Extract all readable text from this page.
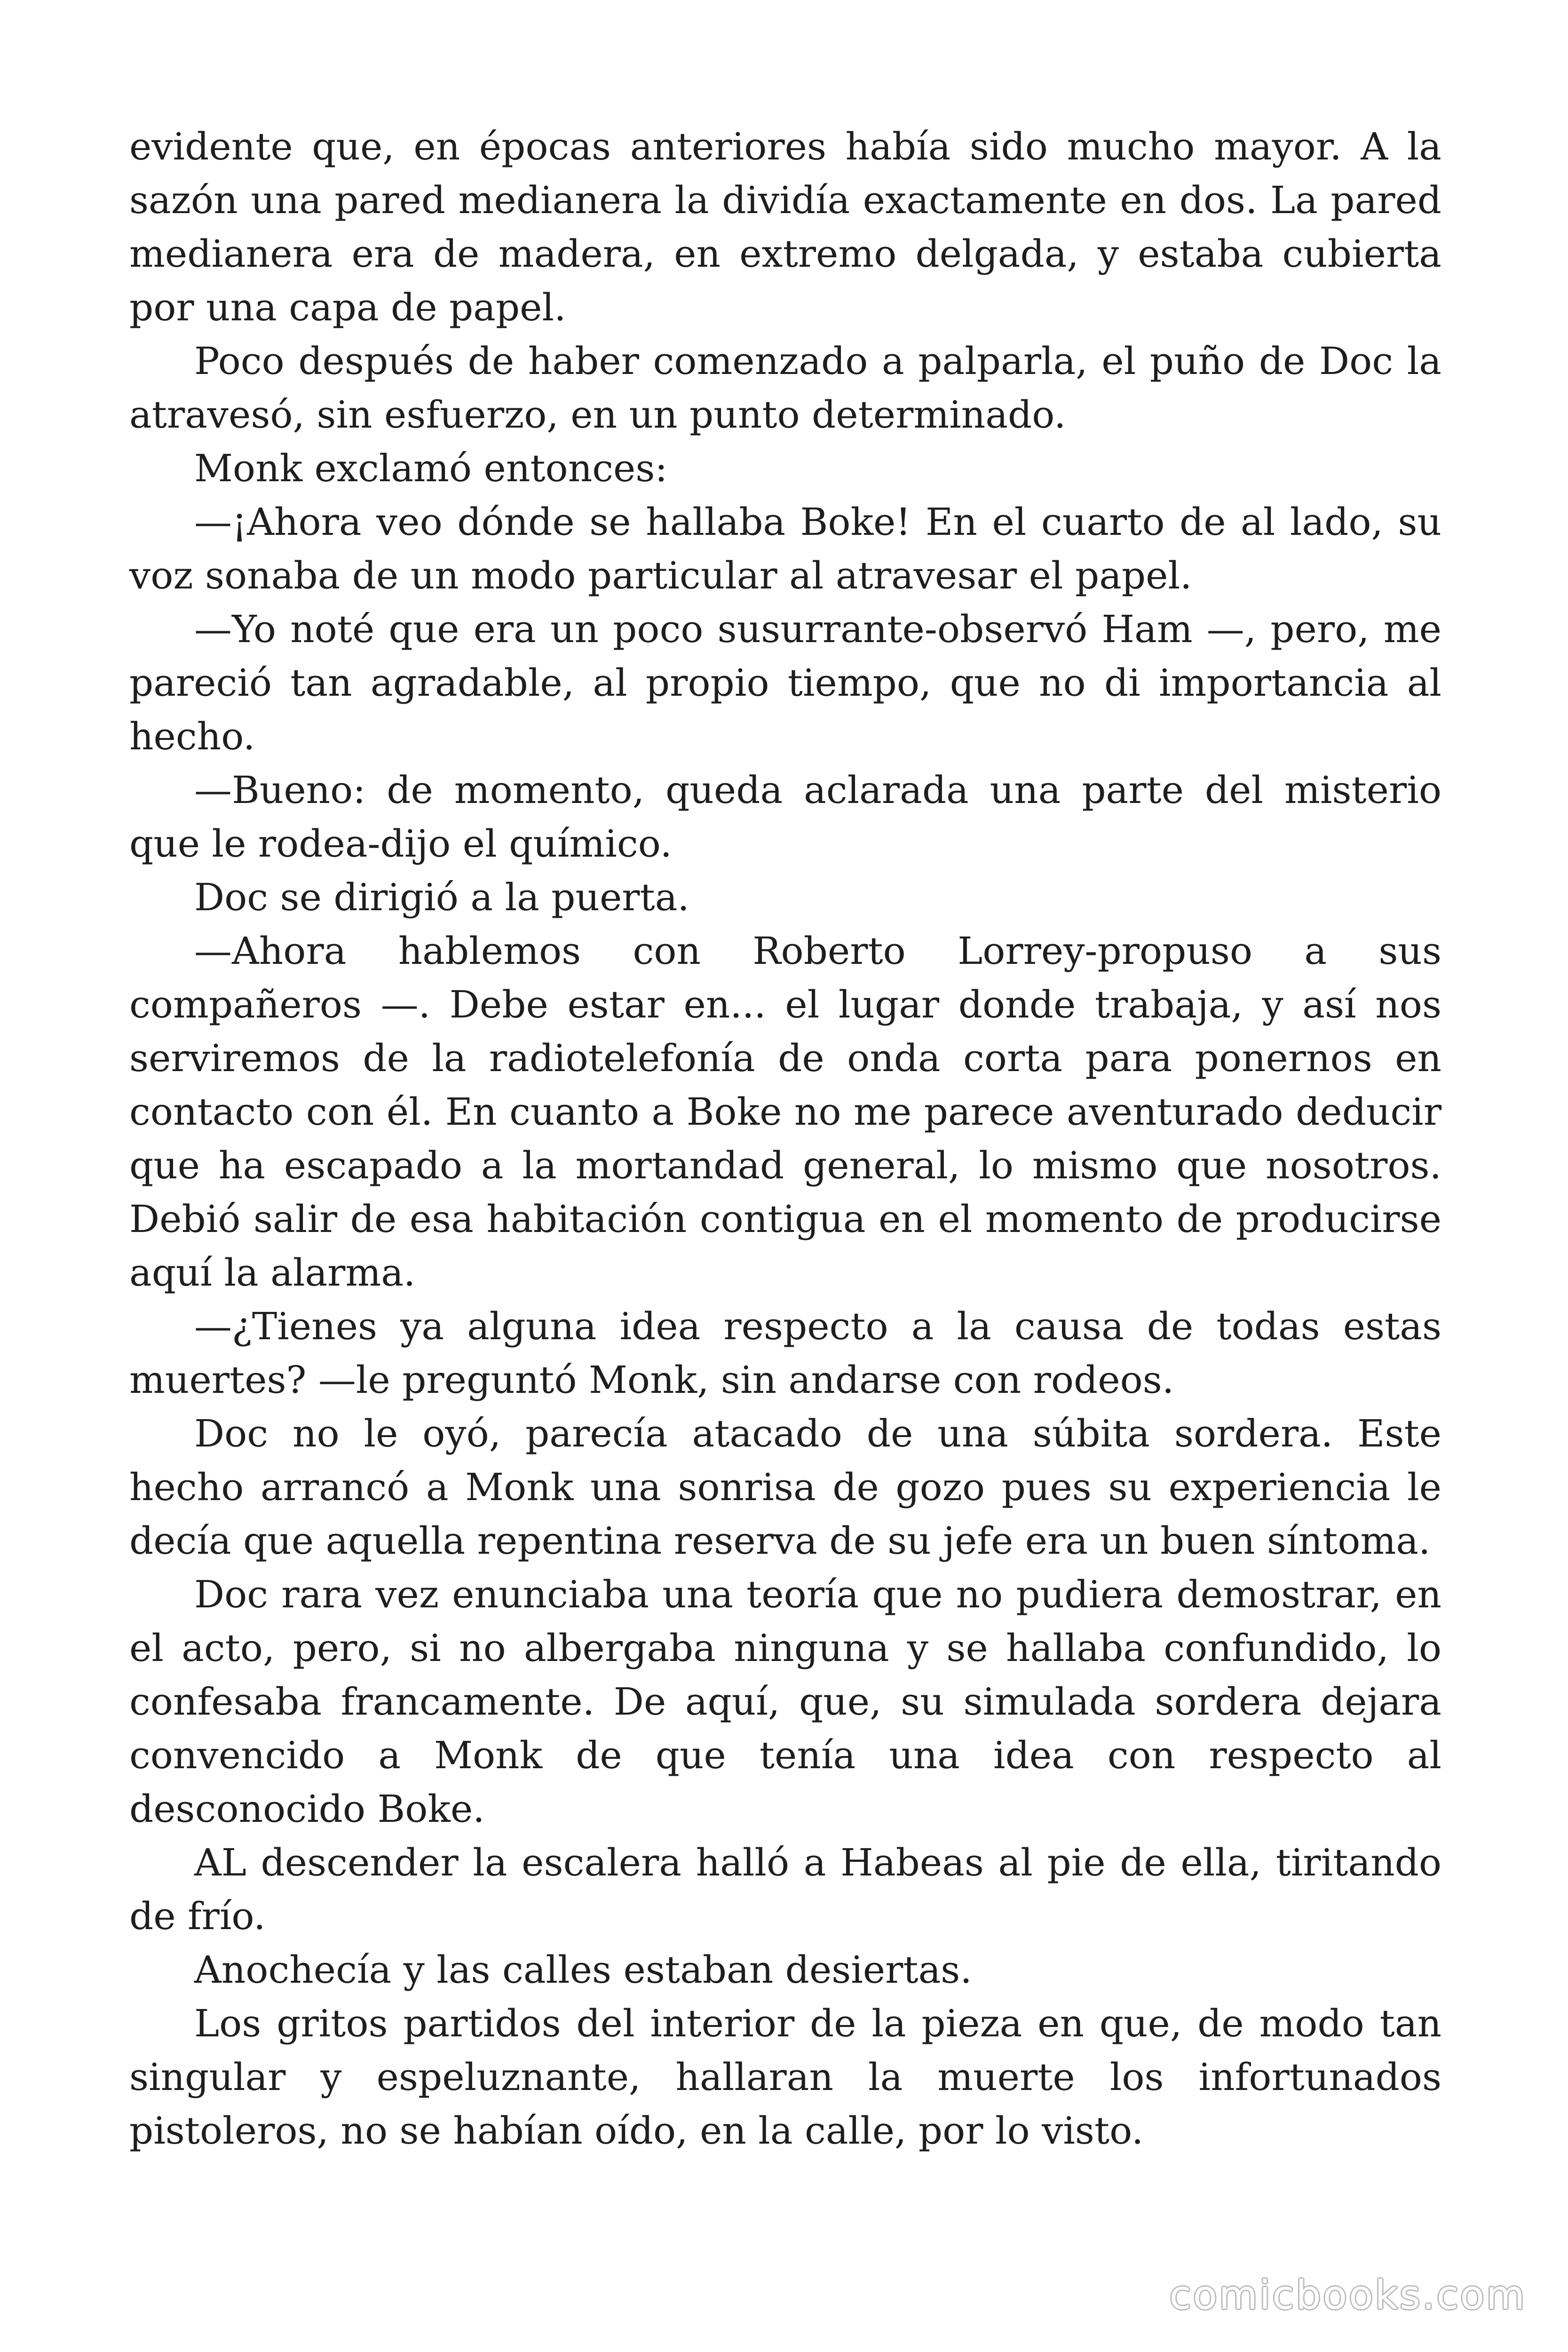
evidente que, en épocas anteriores había sido mucho mayor. A la sazón una pared medianera la dividía exactamente en dos. La pared medianera era de madera, en extremo delgada, y estaba cubierta por una capa de papel.

Poco después de haber comenzado a palparla, el puño de Doc la atravesó, sin esfuerzo, en un punto determinado.

Monk exclamó entonces:

—¡Ahora veo dónde se hallaba Boke! En el cuarto de al lado, su voz sonaba de un modo particular al atravesar el papel.

—Yo noté que era un poco susurrante-observó Ham —, pero, me pareció tan agradable, al propio tiempo, que no di importancia al hecho.

—Bueno: de momento, queda aclarada una parte del misterio que le rodea-dijo el químico.

Doc se dirigió a la puerta.

—Ahora hablemos con Roberto Lorrey-propuso a sus compañeros —. Debe estar en... el lugar donde trabaja, y así nos serviremos de la radiotelefonía de onda corta para ponernos en contacto con él. En cuanto a Boke no me parece aventurado deducir que ha escapado a la mortandad general, lo mismo que nosotros. Debió salir de esa habitación contigua en el momento de producirse aquí la alarma.

—¿Tienes ya alguna idea respecto a la causa de todas estas muertes? —le preguntó Monk, sin andarse con rodeos.

Doc no le oyó, parecía atacado de una súbita sordera. Este hecho arrancó a Monk una sonrisa de gozo pues su experiencia le decía que aquella repentina reserva de su jefe era un buen síntoma.

Doc rara vez enunciaba una teoría que no pudiera demostrar, en el acto, pero, si no albergaba ninguna y se hallaba confundido, lo confesaba francamente. De aquí, que, su simulada sordera dejara convencido a Monk de que tenía una idea con respecto al desconocido Boke.

AL descender la escalera halló a Habeas al pie de ella, tiritando de frío.

Anochecía y las calles estaban desiertas.

Los gritos partidos del interior de la pieza en que, de modo tan singular y espeluznante, hallaran la muerte los infortunados pistoleros, no se habían oído, en la calle, por lo visto.

comicbooks.com
